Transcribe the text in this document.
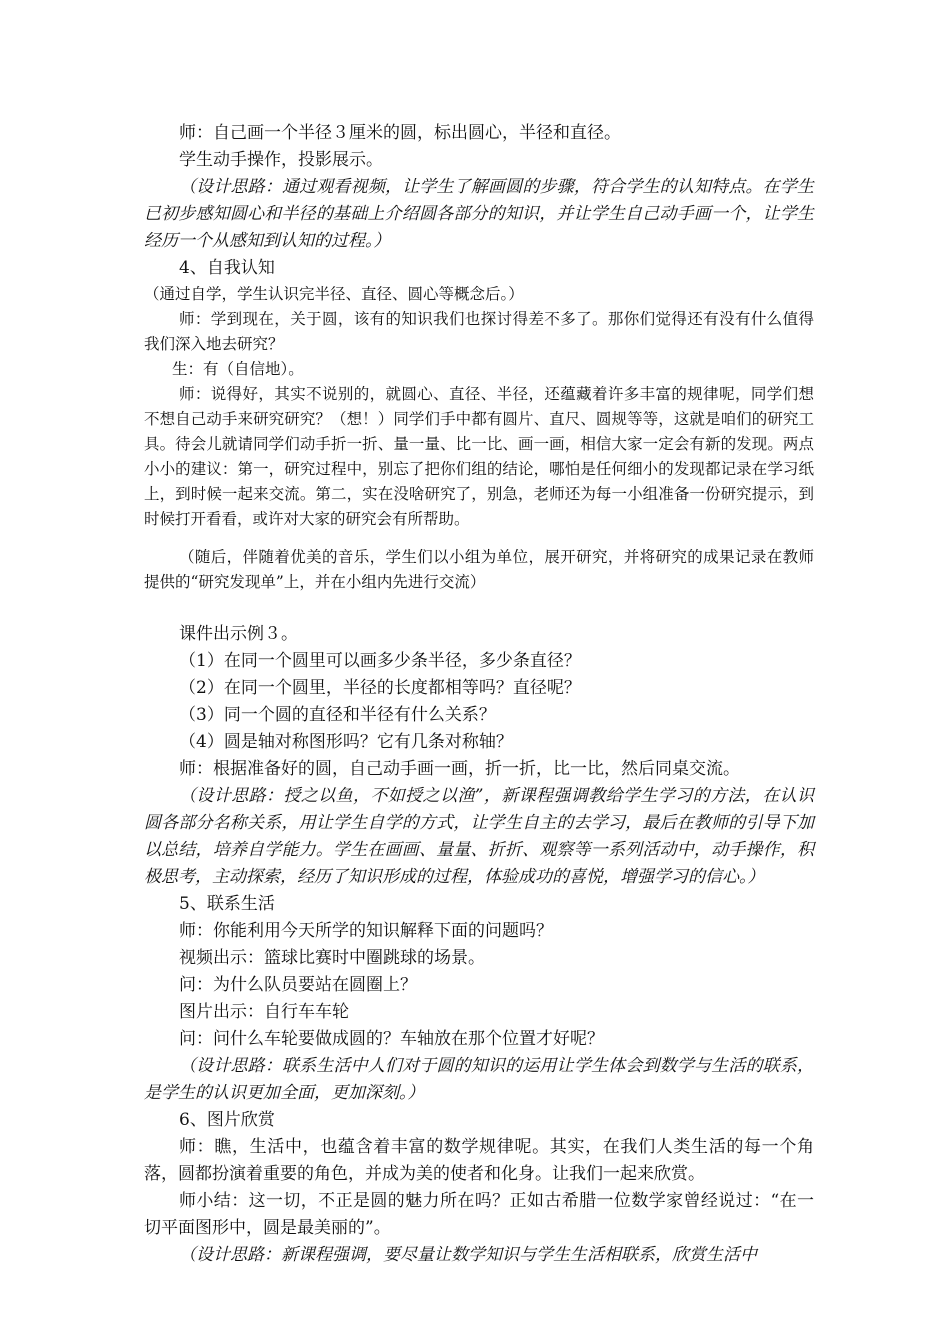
师：自己画一个半径３厘米的圆，标出圆心，半径和直径。

学生动手操作，投影展示。

（设计思路：通过观看视频，让学生了解画圆的步骤，符合学生的认知特点。在学生已初步感知圆心和半径的基础上介绍圆各部分的知识，并让学生自己动手画一个，让学生经历一个从感知到认知的过程。）

4、自我认知

（通过自学，学生认识完半径、直径、圆心等概念后。）

师：学到现在，关于圆，该有的知识我们也探讨得差不多了。那你们觉得还有没有什么值得我们深入地去研究？

生：有（自信地）。

师：说得好，其实不说别的，就圆心、直径、半径，还蕴藏着许多丰富的规律呢，同学们想不想自己动手来研究研究？（想！）同学们手中都有圆片、直尺、圆规等等，这就是咱们的研究工具。待会儿就请同学们动手折一折、量一量、比一比、画一画，相信大家一定会有新的发现。两点小小的建议：第一，研究过程中，别忘了把你们组的结论，哪怕是任何细小的发现都记录在学习纸上，到时候一起来交流。第二，实在没啥研究了，别急，老师还为每一小组准备一份研究提示，到时候打开看看，或许对大家的研究会有所帮助。

（随后，伴随着优美的音乐，学生们以小组为单位，展开研究，并将研究的成果记录在教师提供的“研究发现单”上，并在小组内先进行交流）

课件出示例３。

（1）在同一个圆里可以画多少条半径，多少条直径？

（2）在同一个圆里，半径的长度都相等吗？直径呢？

（3）同一个圆的直径和半径有什么关系？

（4）圆是轴对称图形吗？它有几条对称轴？

师：根据准备好的圆，自己动手画一画，折一折，比一比，然后同桌交流。

（设计思路：授之以鱼，不如授之以渔”，新课程强调教给学生学习的方法，在认识圆各部分名称关系，用让学生自学的方式，让学生自主的去学习，最后在教师的引导下加以总结，培养自学能力。学生在画画、量量、折折、观察等一系列活动中，动手操作，积极思考，主动探索，经历了知识形成的过程，体验成功的喜悦，增强学习的信心。）

5、联系生活

师：你能利用今天所学的知识解释下面的问题吗？

视频出示：篮球比赛时中圈跳球的场景。

问：为什么队员要站在圆圈上？

图片出示：自行车车轮

问：问什么车轮要做成圆的？车轴放在那个位置才好呢？

（设计思路：联系生活中人们对于圆的知识的运用让学生体会到数学与生活的联系，是学生的认识更加全面，更加深刻。）

6、图片欣赏

师：瞧，生活中，也蕴含着丰富的数学规律呢。其实，在我们人类生活的每一个角落，圆都扮演着重要的角色，并成为美的使者和化身。让我们一起来欣赏。

师小结：这一切，不正是圆的魅力所在吗？正如古希腊一位数学家曾经说过：“在一切平面图形中，圆是最美丽的”。

（设计思路：新课程强调，要尽量让数学知识与学生生活相联系，欣赏生活中
